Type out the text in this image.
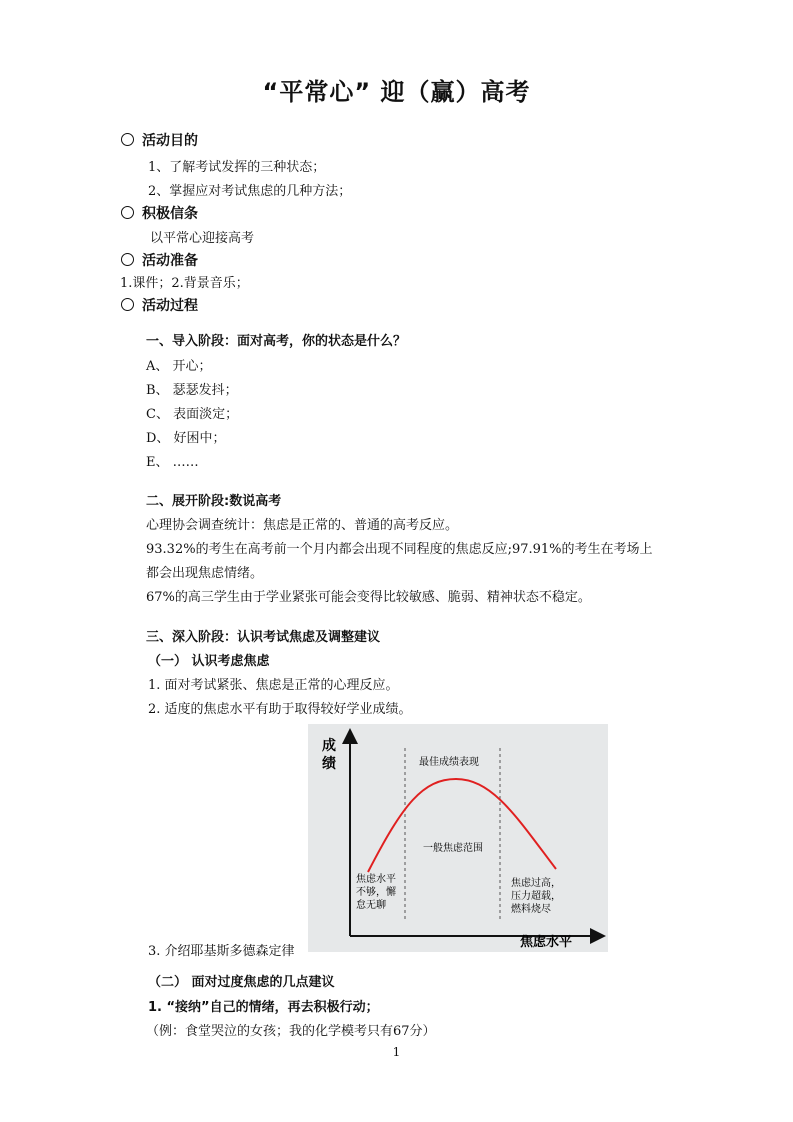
“平常心” 迎（赢）高考
活动目的
1、了解考试发挥的三种状态；
2、掌握应对考试焦虑的几种方法；
积极信条
以平常心迎接高考
活动准备
1.课件；2.背景音乐；
活动过程
一、导入阶段：面对高考，你的状态是什么？
A、 开心；
B、 瑟瑟发抖；
C、 表面淡定；
D、 好困中；
E、 ……
二、展开阶段:数说高考
心理协会调查统计：焦虑是正常的、普通的高考反应。
93.32%的考生在高考前一个月内都会出现不同程度的焦虑反应;97.91%的考生在考场上
都会出现焦虑情绪。
67%的高三学生由于学业紧张可能会变得比较敏感、脆弱、精神状态不稳定。
三、深入阶段：认识考试焦虑及调整建议
（一） 认识考虑焦虑
1. 面对考试紧张、焦虑是正常的心理反应。
2. 适度的焦虑水平有助于取得较好学业成绩。
成
绩
焦虑水平
最佳成绩表现
一般焦虑范围
焦虑水平
不够，懈
怠无聊
焦虑过高，
压力超载，
燃料烧尽
3. 介绍耶基斯多德森定律
（二） 面对过度焦虑的几点建议
1. “接纳”自己的情绪，再去积极行动；
（例：食堂哭泣的女孩；我的化学模考只有67分）
1
